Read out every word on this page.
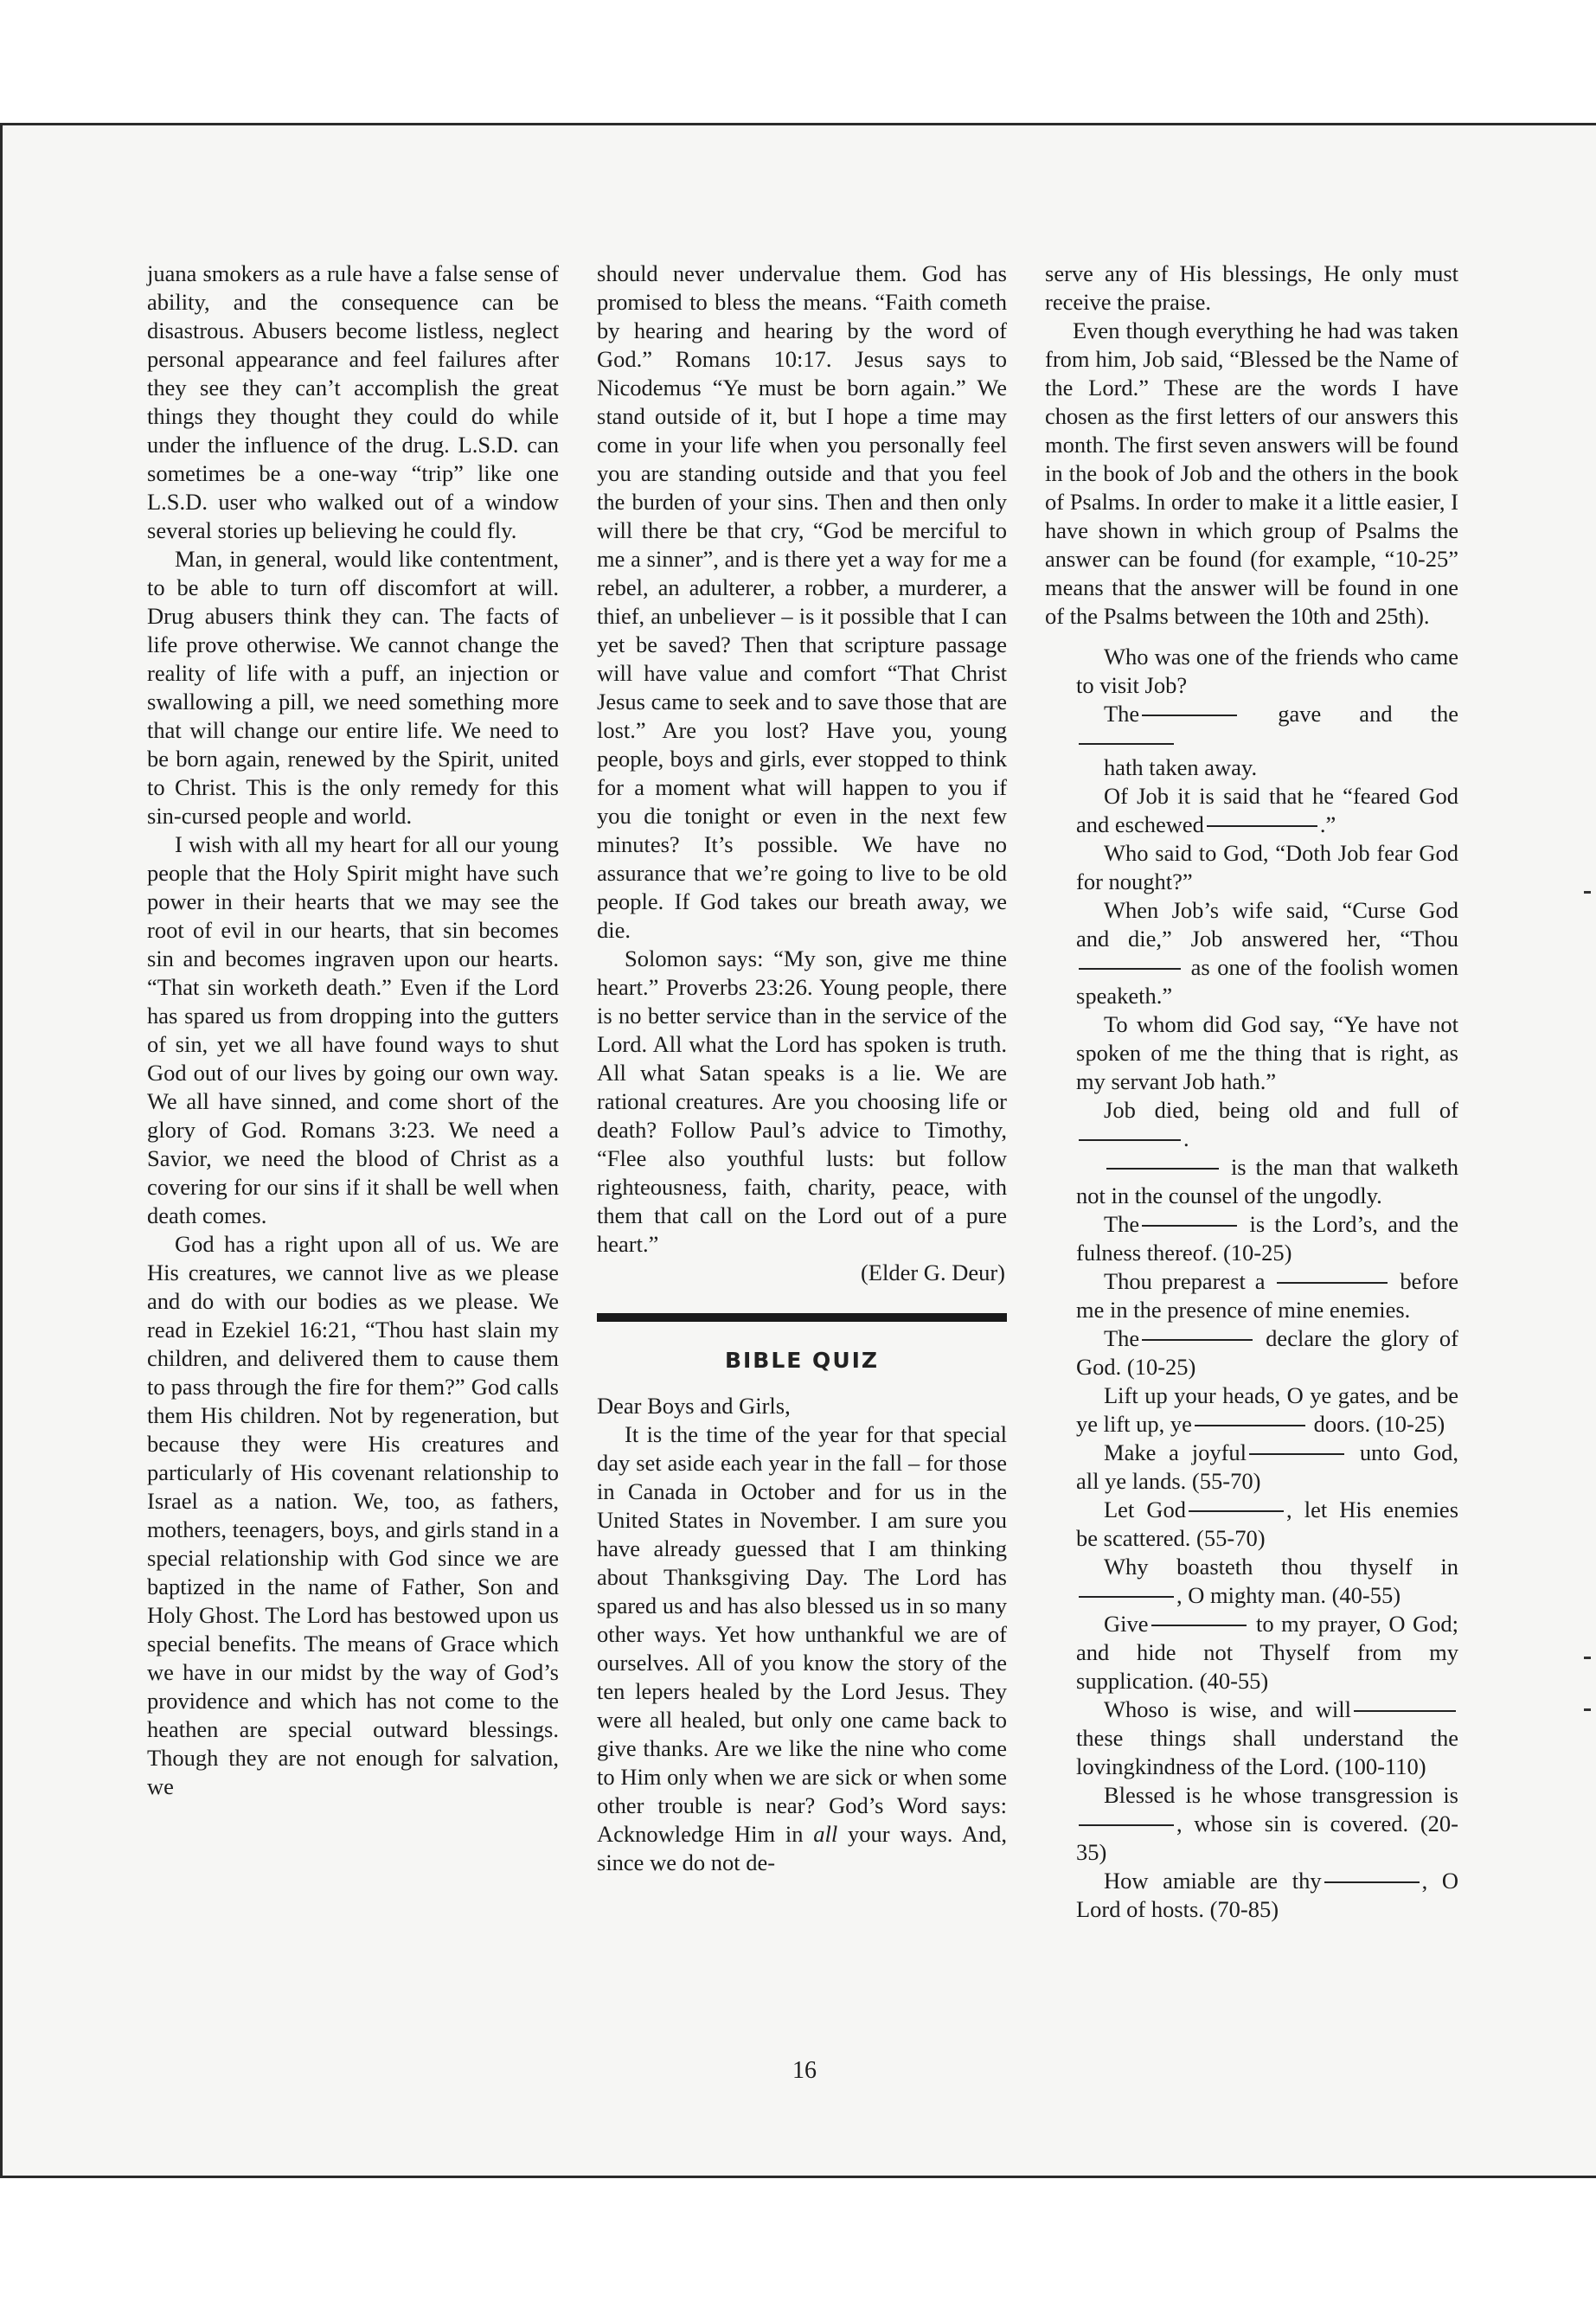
juana smokers as a rule have a false sense of ability, and the consequence can be disastrous. Abusers become listless, neglect personal appearance and feel failures after they see they can’t accomplish the great things they thought they could do while under the influence of the drug. L.S.D. can sometimes be a one-way “trip” like one L.S.D. user who walked out of a window several stories up believing he could fly.

Man, in general, would like contentment, to be able to turn off discomfort at will. Drug abusers think they can. The facts of life prove otherwise. We cannot change the reality of life with a puff, an injection or swallowing a pill, we need something more that will change our entire life. We need to be born again, renewed by the Spirit, united to Christ. This is the only remedy for this sin-cursed people and world.

I wish with all my heart for all our young people that the Holy Spirit might have such power in their hearts that we may see the root of evil in our hearts, that sin becomes sin and becomes ingraven upon our hearts. “That sin worketh death.” Even if the Lord has spared us from dropping into the gutters of sin, yet we all have found ways to shut God out of our lives by going our own way. We all have sinned, and come short of the glory of God. Romans 3:23. We need a Savior, we need the blood of Christ as a covering for our sins if it shall be well when death comes.

God has a right upon all of us. We are His creatures, we cannot live as we please and do with our bodies as we please. We read in Ezekiel 16:21, “Thou hast slain my children, and delivered them to cause them to pass through the fire for them?” God calls them His children. Not by regeneration, but because they were His creatures and particularly of His covenant relationship to Israel as a nation. We, too, as fathers, mothers, teenagers, boys, and girls stand in a special relationship with God since we are baptized in the name of Father, Son and Holy Ghost. The Lord has bestowed upon us special benefits. The means of Grace which we have in our midst by the way of God’s providence and which has not come to the heathen are special outward blessings. Though they are not enough for salvation, we

should never undervalue them. God has promised to bless the means. “Faith cometh by hearing and hearing by the word of God.” Romans 10:17. Jesus says to Nicodemus “Ye must be born again.” We stand outside of it, but I hope a time may come in your life when you personally feel you are standing outside and that you feel the burden of your sins. Then and then only will there be that cry, “God be merciful to me a sinner”, and is there yet a way for me a rebel, an adulterer, a robber, a murderer, a thief, an unbeliever – is it possible that I can yet be saved? Then that scripture passage will have value and comfort “That Christ Jesus came to seek and to save those that are lost.” Are you lost? Have you, young people, boys and girls, ever stopped to think for a moment what will happen to you if you die tonight or even in the next few minutes? It’s possible. We have no assurance that we’re going to live to be old people. If God takes our breath away, we die.

Solomon says: “My son, give me thine heart.” Proverbs 23:26. Young people, there is no better service than in the service of the Lord. All what the Lord has spoken is truth. All what Satan speaks is a lie. We are rational creatures. Are you choosing life or death? Follow Paul’s advice to Timothy, “Flee also youthful lusts: but follow righteousness, faith, charity, peace, with them that call on the Lord out of a pure heart.”

(Elder G. Deur)

BIBLE QUIZ

Dear Boys and Girls,

It is the time of the year for that special day set aside each year in the fall – for those in Canada in October and for us in the United States in November. I am sure you have already guessed that I am thinking about Thanksgiving Day. The Lord has spared us and has also blessed us in so many other ways. Yet how unthankful we are of ourselves. All of you know the story of the ten lepers healed by the Lord Jesus. They were all healed, but only one came back to give thanks. Are we like the nine who come to Him only when we are sick or when some other trouble is near? God’s Word says: Acknowledge Him in all your ways. And, since we do not de-

serve any of His blessings, He only must receive the praise.

Even though everything he had was taken from him, Job said, “Blessed be the Name of the Lord.” These are the words I have chosen as the first letters of our answers this month. The first seven answers will be found in the book of Job and the others in the book of Psalms. In order to make it a little easier, I have shown in which group of Psalms the answer can be found (for example, “10-25” means that the answer will be found in one of the Psalms between the 10th and 25th).

Who was one of the friends who came to visit Job?

The	gave and the

hath taken away.

Of Job it is said that he “feared God and eschewed	.”

Who said to God, “Doth Job fear God for nought?”

When Job’s wife said, “Curse God and die,” Job answered her, “Thou  as one of the foolish women speaketh.”

To whom did God say, “Ye have not spoken of me the thing that is right, as my servant Job hath.”

Job died, being old and full of .

is the man that walketh not in the counsel of the ungodly.

The	is the Lord’s, and the fulness thereof. (10-25)

Thou preparest a	before me in the presence of mine enemies.

The	declare the glory of God. (10-25)

Lift up your heads, O ye gates, and be ye lift up, ye	doors. (10-25)

Make a joyful	unto God, all ye lands. (55-70)

Let God	, let His enemies be scattered. (55-70)

Why boasteth thou thyself in , O mighty man. (40-55)

Give	to my prayer, O God; and hide not Thyself from my supplication. (40-55)

Whoso is wise, and will these things shall understand the lovingkindness of the Lord. (100-110)

Blessed is he whose transgression is , whose sin is covered. (20-35)

How amiable are thy	, O Lord of hosts. (70-85)

16
